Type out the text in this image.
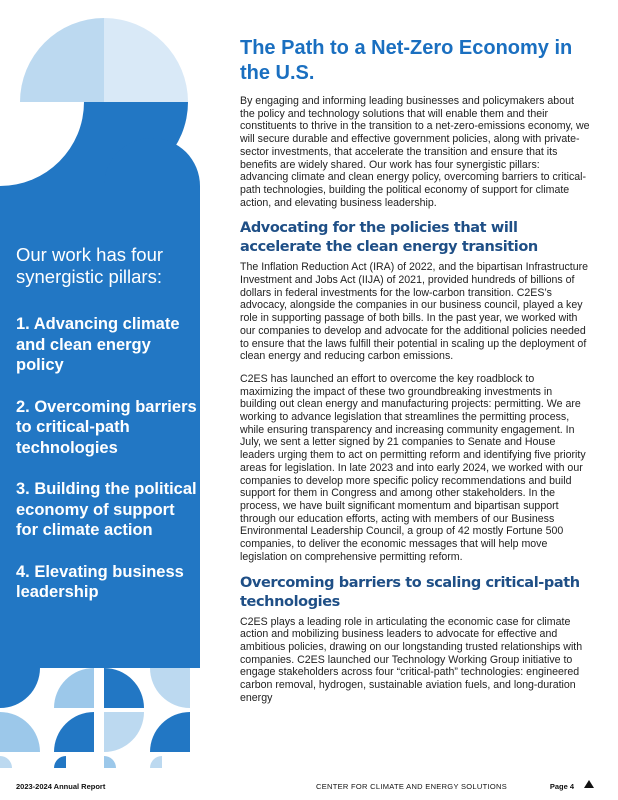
Our work has four synergistic pillars:
1. Advancing climate and clean energy policy
2. Overcoming barriers to critical-path technologies
3. Building the political economy of support for climate action
4. Elevating business leadership
The Path to a Net-Zero Economy in the U.S.

By engaging and informing leading businesses and policymakers about the policy and technology solutions that will enable them and their constituents to thrive in the transition to a net-zero-emissions economy, we will secure durable and effective government policies, along with private-sector investments, that accelerate the transition and ensure that its benefits are widely shared. Our work has four synergistic pillars: advancing climate and clean energy policy, overcoming barriers to critical-path technologies, building the political economy of support for climate action, and elevating business leadership.

Advocating for the policies that will accelerate the clean energy transition

The Inflation Reduction Act (IRA) of 2022, and the bipartisan Infrastructure Investment and Jobs Act (IIJA) of 2021, provided hundreds of billions of dollars in federal investments for the low-carbon transition. C2ES’s advocacy, alongside the companies in our business council, played a key role in supporting passage of both bills. In the past year, we worked with our companies to develop and advocate for the additional policies needed to ensure that the laws fulfill their potential in scaling up the deployment of clean energy and reducing carbon emissions.

C2ES has launched an effort to overcome the key roadblock to maximizing the impact of these two groundbreaking investments in building out clean energy and manufacturing projects: permitting. We are working to advance legislation that streamlines the permitting process, while ensuring transparency and increasing community engagement. In July, we sent a letter signed by 21 companies to Senate and House leaders urging them to act on permitting reform and identifying five priority areas for legislation. In late 2023 and into early 2024, we worked with our companies to develop more specific policy recommendations and build support for them in Congress and among other stakeholders. In the process, we have built significant momentum and bipartisan support through our education efforts, acting with members of our Business Environmental Leadership Council, a group of 42 mostly Fortune 500 companies, to deliver the economic messages that will help move legislation on comprehensive permitting reform.

Overcoming barriers to scaling critical-path technologies

C2ES plays a leading role in articulating the economic case for climate action and mobilizing business leaders to advocate for effective and ambitious policies, drawing on our longstanding trusted relationships with companies. C2ES launched our Technology Working Group initiative to engage stakeholders across four “critical-path” technologies: engineered carbon removal, hydrogen, sustainable aviation fuels, and long-duration energy

2023-2024 Annual Report	CENTER FOR CLIMATE AND ENERGY SOLUTIONS	Page 4
